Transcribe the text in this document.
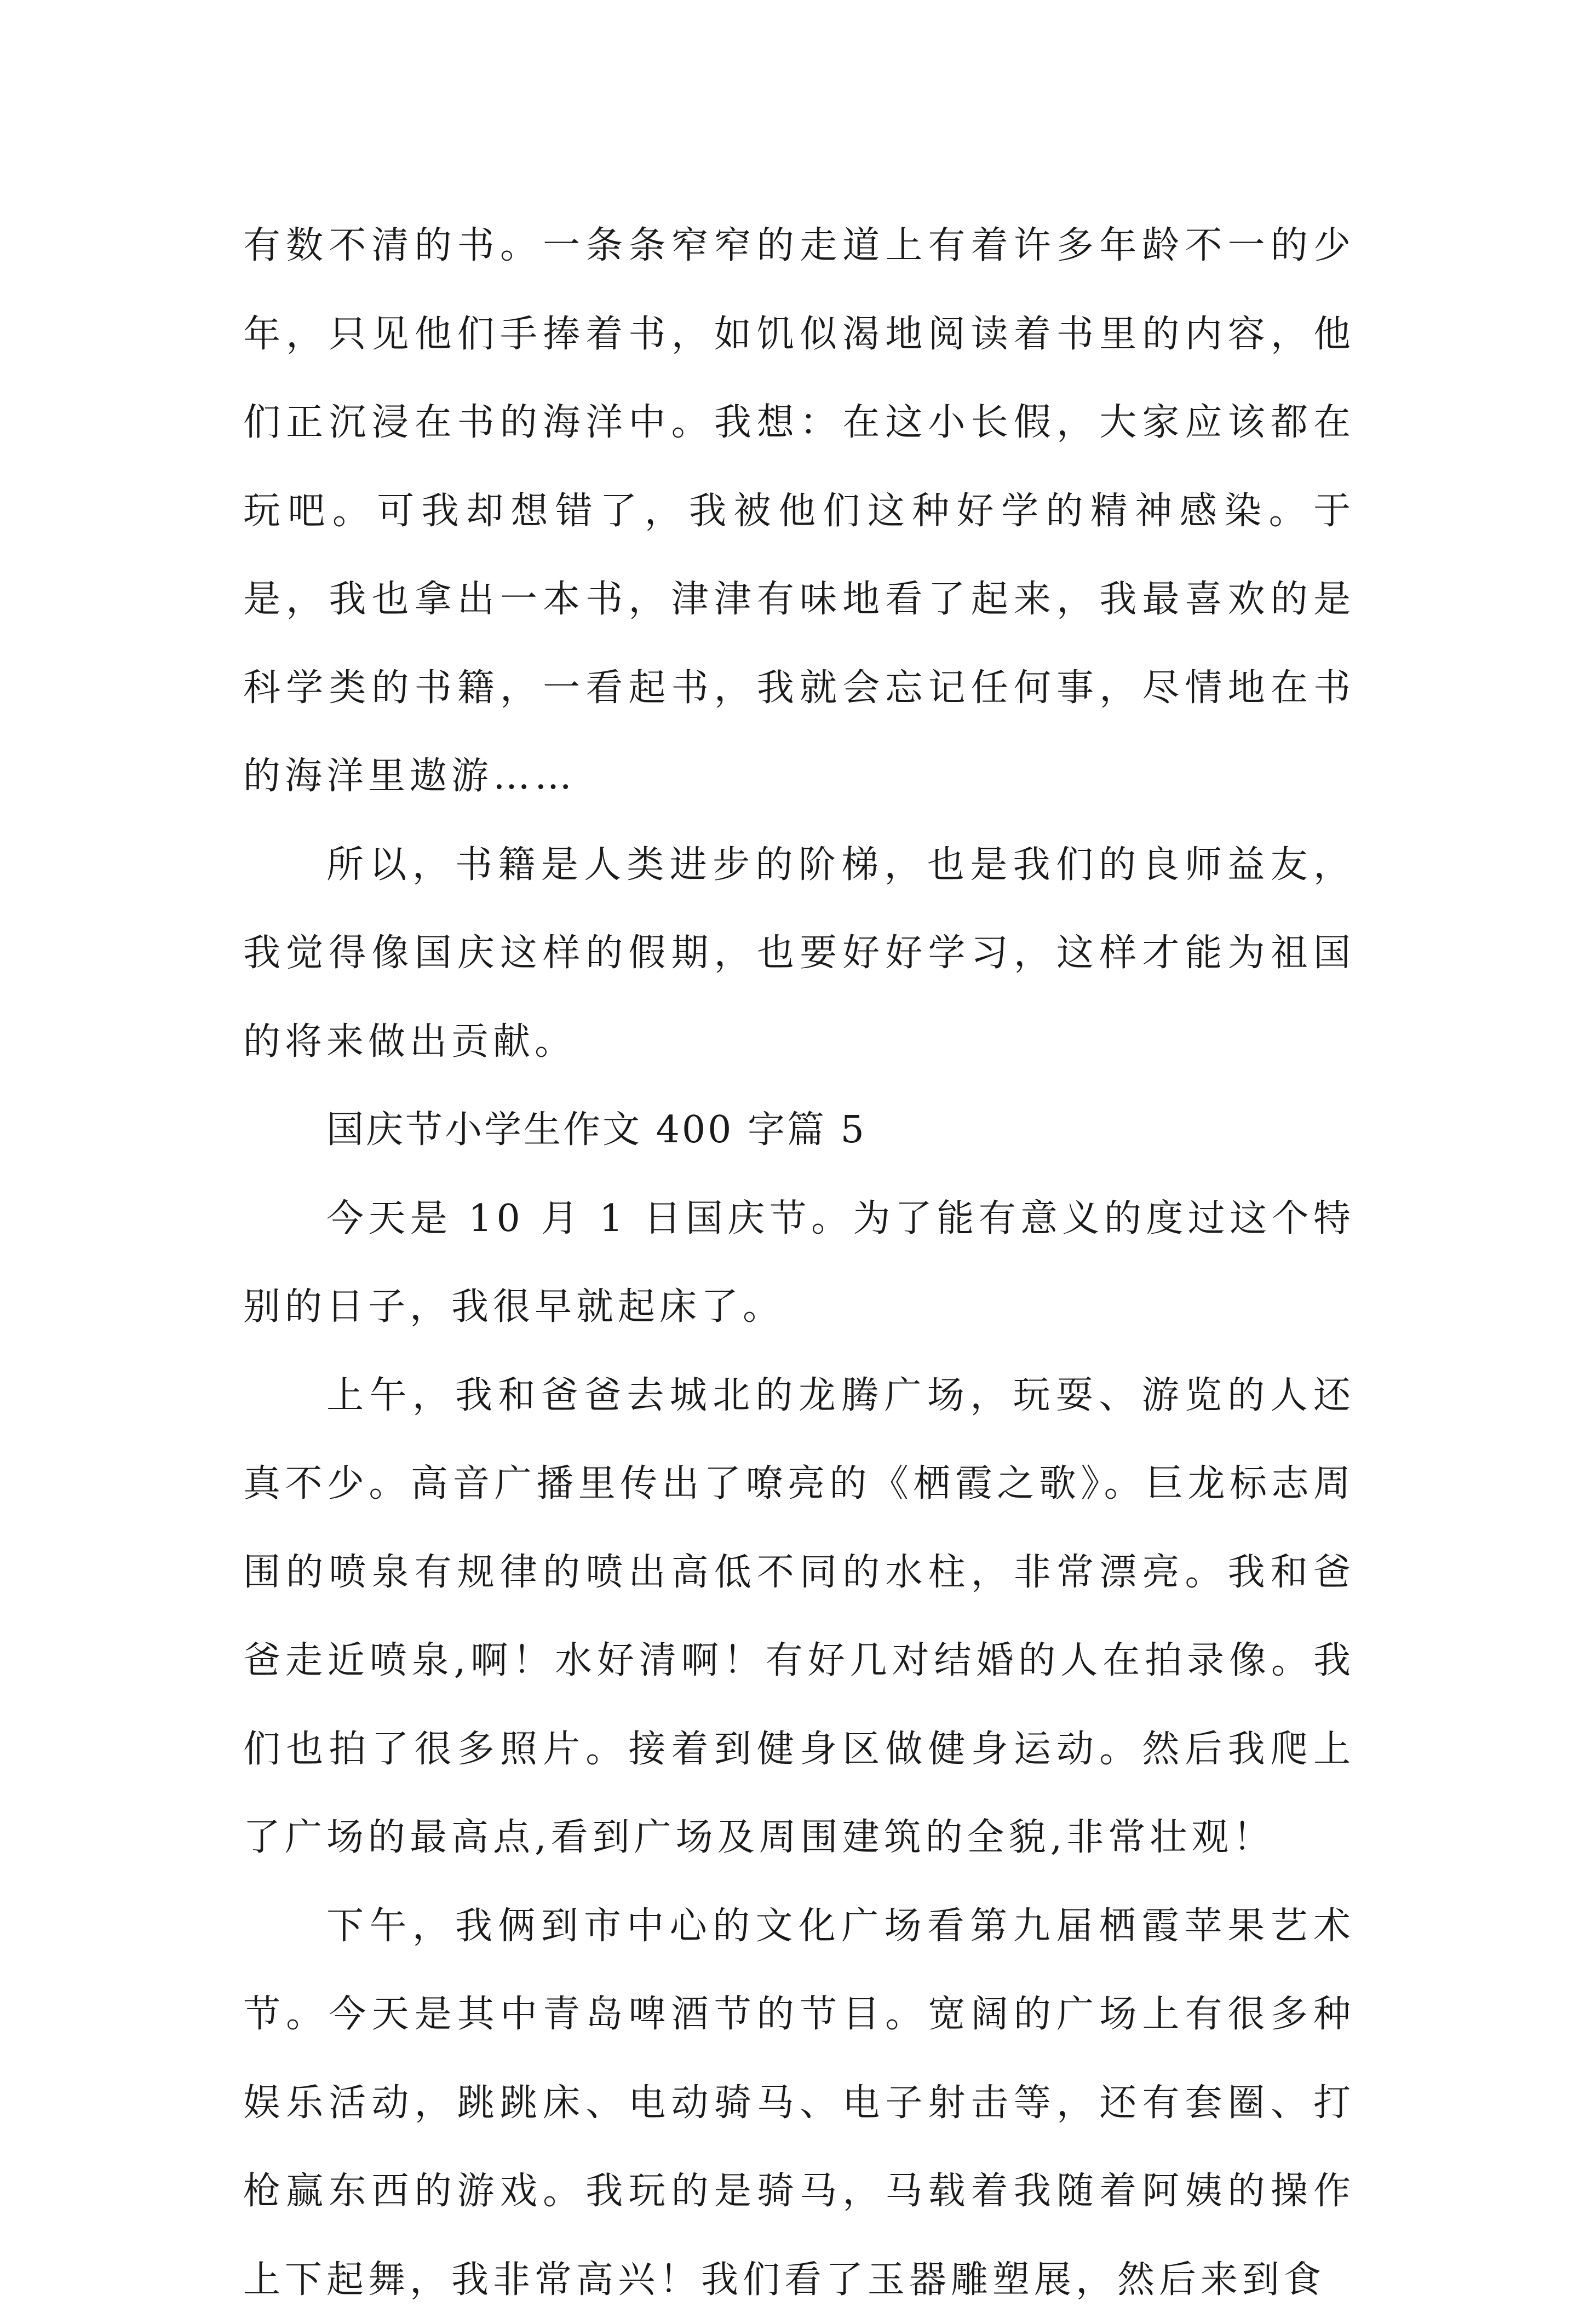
有数不清的书。一条条窄窄的走道上有着许多年龄不一的少年，只见他们手捧着书，如饥似渴地阅读着书里的内容，他们正沉浸在书的海洋中。我想：在这小长假，大家应该都在玩吧。可我却想错了，我被他们这种好学的精神感染。于是，我也拿出一本书，津津有味地看了起来，我最喜欢的是科学类的书籍，一看起书，我就会忘记任何事，尽情地在书的海洋里遨游……

所以，书籍是人类进步的阶梯，也是我们的良师益友，我觉得像国庆这样的假期，也要好好学习，这样才能为祖国的将来做出贡献。

国庆节小学生作文 400 字篇 5

今天是 10 月 1 日国庆节。为了能有意义的度过这个特别的日子，我很早就起床了。

上午，我和爸爸去城北的龙腾广场，玩耍、游览的人还真不少。高音广播里传出了嘹亮的《栖霞之歌》。巨龙标志周围的喷泉有规律的喷出高低不同的水柱，非常漂亮。我和爸爸走近喷泉,啊！水好清啊！有好几对结婚的人在拍录像。我们也拍了很多照片。接着到健身区做健身运动。然后我爬上了广场的最高点,看到广场及周围建筑的全貌,非常壮观！

下午，我俩到市中心的文化广场看第九届栖霞苹果艺术节。今天是其中青岛啤酒节的节目。宽阔的广场上有很多种娱乐活动，跳跳床、电动骑马、电子射击等，还有套圈、打枪赢东西的游戏。我玩的是骑马，马载着我随着阿姨的操作上下起舞，我非常高兴！我们看了玉器雕塑展，然后来到食
